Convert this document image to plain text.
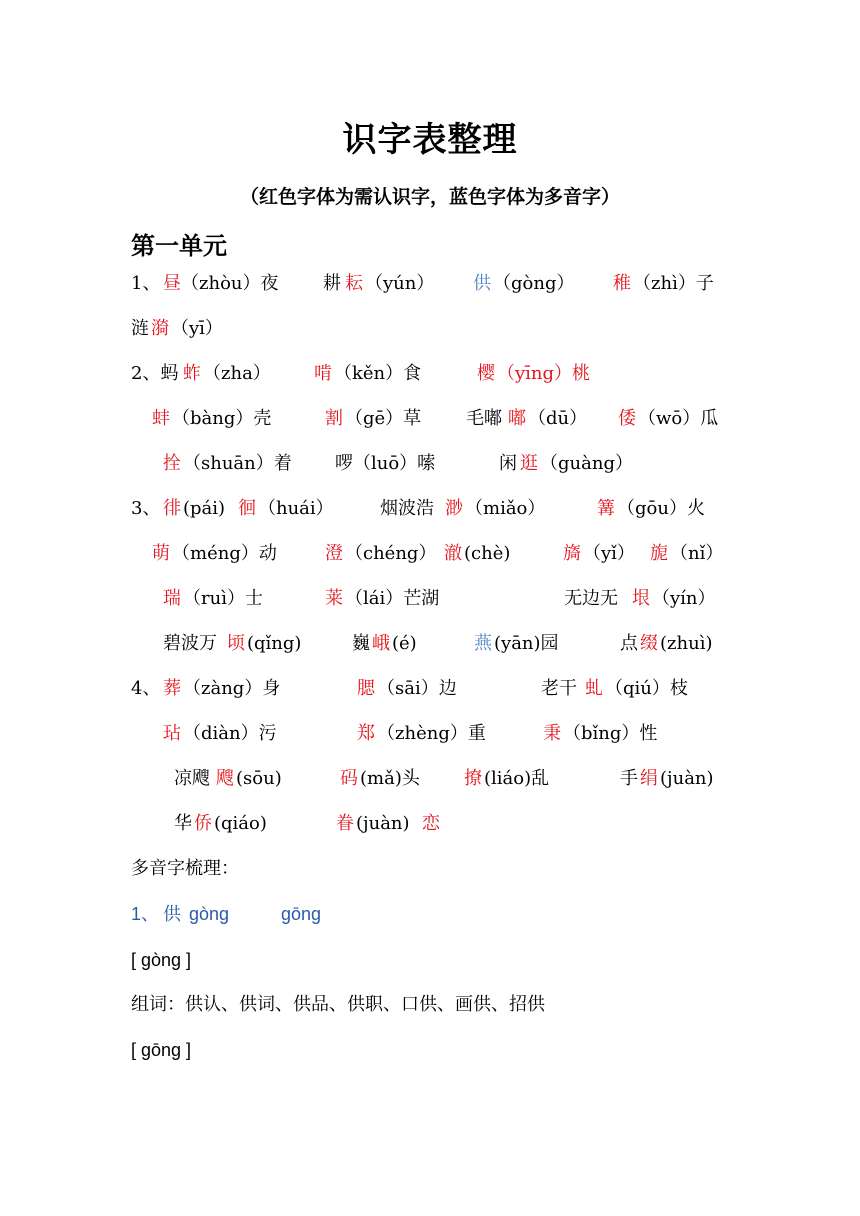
识字表整理
（红色字体为需认识字，蓝色字体为多音字）
第一单元
1、 昼 （zhòu）夜 耕 耘 （yún） 供 （gòng） 稚 （zhì）子
涟 漪 （yī）
2、蚂 蚱 （zha） 啃 （kěn）食	樱 （yīng）桃
蚌 （bàng）壳	割 （gē）草 毛嘟 嘟 （dū） 倭 （wō）瓜
拴 （shuān）着 啰（luō）嗦	闲 逛 （guàng）
3、 徘 (pái) 徊 （huái）	烟波浩 渺 （miǎo）	篝 （gōu）火
萌 （méng）动	澄 （chéng） 澈 (chè)	旖 （yǐ） 旎 （nǐ）
瑞 （ruì）士	莱 （lái）芒湖	无边无 垠 （yín）
碧波万 顷 (qǐng)	巍 峨 (é)	燕 (yān)园	点 缀 (zhuì)
4、 葬 （zàng）身	腮 （sāi）边	老干 虬 （qiú）枝
玷 （diàn）污	郑 （zhèng）重	秉 （bǐng）性
凉飕 飕 (sōu)	码 (mǎ)头 撩 (liáo)乱	手 绢 (juàn)
华 侨 (qiáo)	眷 (juàn) 恋
多音字梳理：
1、 供 gòng	gōng
[ gòng ]
组词：供认、供词、供品、供职、口供、画供、招供
[ gōng ]
